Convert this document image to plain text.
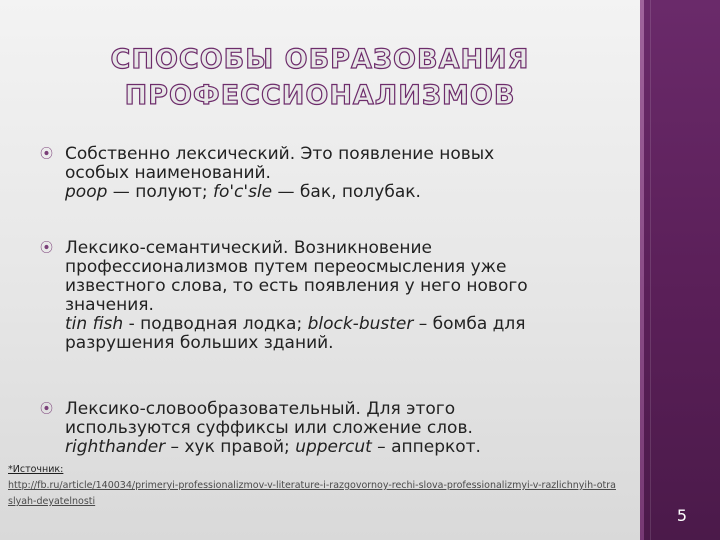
СПОСОБЫ ОБРАЗОВАНИЯ
ПРОФЕССИОНАЛИЗМОВ
⦿ Собственно лексический. Это появление новых
особых наименований.
poop — полуют; fo'c'sle — бак, полубак.
⦿ Лексико-семантический. Возникновение
профессионализмов путем переосмысления уже
известного слова, то есть появления у него нового
значения.
tin fish - подводная лодка; block-buster – бомба для
разрушения больших зданий.
⦿ Лексико-словообразовательный. Для этого
используются суффиксы или сложение слов.
righthander – хук правой; uppercut – апперкот.
*Источник:
http://fb.ru/article/140034/primeryi-professionalizmov-v-literature-i-razgovornoy-rechi-slova-professionalizmyi-v-razlichnyih-otraslyah-deyatelnosti
5
